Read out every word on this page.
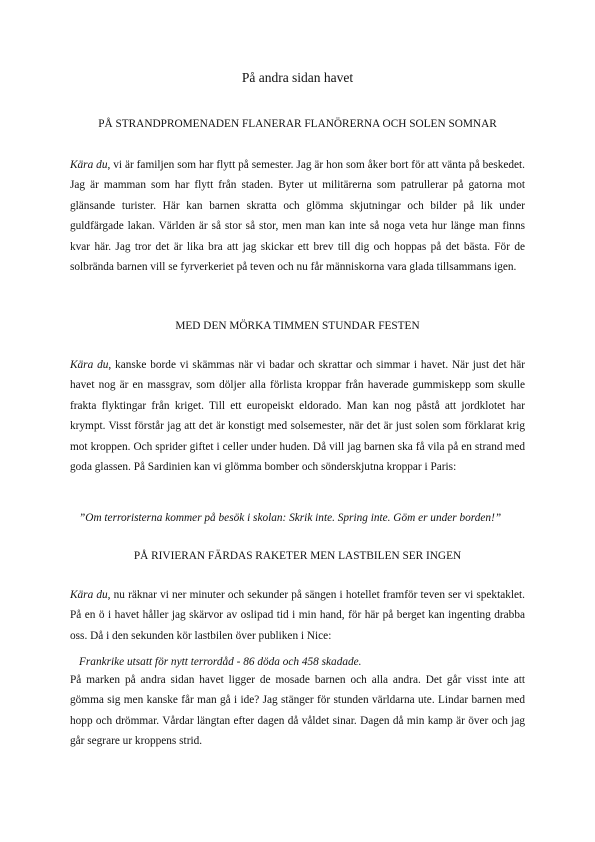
På andra sidan havet
PÅ STRANDPROMENADEN FLANERAR FLANÖRERNA OCH SOLEN SOMNAR

Kära du, vi är familjen som har flytt på semester. Jag är hon som åker bort för att vänta på beskedet. Jag är mamman som har flytt från staden. Byter ut militärerna som patrullerar på gatorna mot glänsande turister. Här kan barnen skratta och glömma skjutningar och bilder på lik under guldfärgade lakan. Världen är så stor så stor, men man kan inte så noga veta hur länge man finns kvar här. Jag tror det är lika bra att jag skickar ett brev till dig och hoppas på det bästa. För de solbrända barnen vill se fyrverkeriet på teven och nu får människorna vara glada tillsammans igen.

MED DEN MÖRKA TIMMEN STUNDAR FESTEN

Kära du, kanske borde vi skämmas när vi badar och skrattar och simmar i havet. När just det här havet nog är en massgrav, som döljer alla förlista kroppar från haverade gummiskepp som skulle frakta flyktingar från kriget. Till ett europeiskt eldorado. Man kan nog påstå att jordklotet har krympt. Visst förstår jag att det är konstigt med solsemester, när det är just solen som förklarat krig mot kroppen. Och sprider giftet i celler under huden. Då vill jag barnen ska få vila på en strand med goda glassen. På Sardinien kan vi glömma bomber och sönderskjutna kroppar i Paris:

”Om terroristerna kommer på besök i skolan: Skrik inte. Spring inte. Göm er under borden!”
PÅ RIVIERAN FÄRDAS RAKETER MEN LASTBILEN SER INGEN

Kära du, nu räknar vi ner minuter och sekunder på sängen i hotellet framför teven ser vi spektaklet. På en ö i havet håller jag skärvor av oslipad tid i min hand, för här på berget kan ingenting drabba oss. Då i den sekunden kör lastbilen över publiken i Nice:

Frankrike utsatt för nytt terrordåd - 86 döda och 458 skadade.

På marken på andra sidan havet ligger de mosade barnen och alla andra. Det går visst inte att gömma sig men kanske får man gå i ide? Jag stänger för stunden världarna ute. Lindar barnen med hopp och drömmar. Vårdar längtan efter dagen då våldet sinar. Dagen då min kamp är över och jag går segrare ur kroppens strid.
